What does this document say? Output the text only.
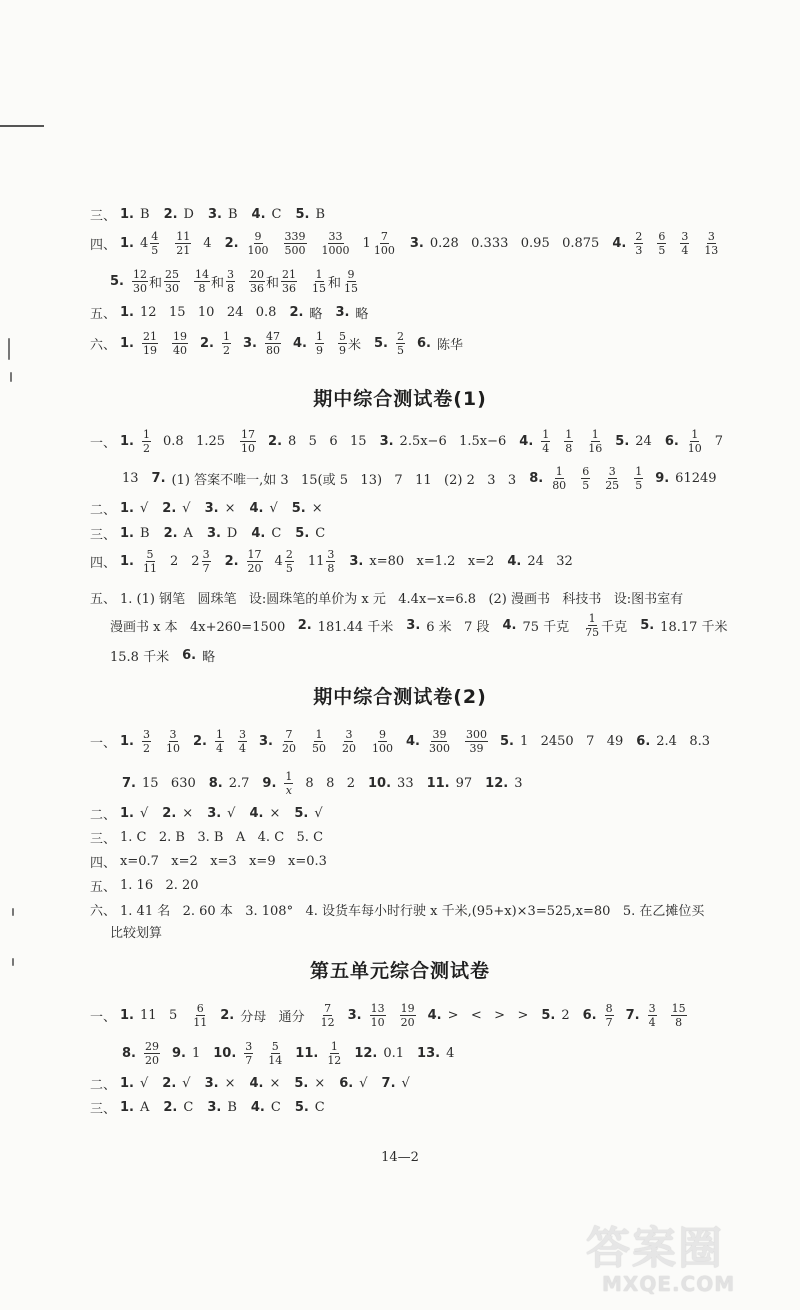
三、 1. B 2. D 3. B 4. C 5. B
四、 1. $4 \frac{4}{5} \frac{11}{21} 4$ 2. $\frac{9}{100} \frac{339}{500} \frac{33}{1000} 1 \frac{7}{100} 3$. 0.28   0.333   0.95   0.875 4. $\frac{2}{3} \frac{6}{5} \frac{3}{4} \frac{3}{13}$
5. $\frac{12}{30}$ 和 $\frac{25}{30} \frac{14}{8}$ 和 $\frac{3}{8} \frac{20}{36}$ 和 $\frac{21}{36} \frac{1}{15}$ 和 $\frac{9}{15}$
五、 1. 12   15   10   24   0.8 2. 略 3. 略
六、 1. $\frac{21}{19} \frac{19}{40} 2$. $\frac{1}{2} 3$. $\frac{47}{80} 4$. $\frac{1}{9} \frac{5}{9}$ 米 5. $\frac{2}{5} 6$. 陈华
期中综合测试卷(1)
一、 1. $\frac{1}{2} 0.8$   $1.25 \frac{17}{10} 2$. 8   5   6   15 3. 2.5x−6   1.5x−6 4. $\frac{1}{4} \frac{1}{8} \frac{1}{16} 5$. 24 6. $\frac{1}{10} 7$
13 7. (1) 答案不唯一,如 3   15(或 5   13)   7   11   (2) 2   3   3 8. $\frac{1}{80} \frac{6}{5} \frac{3}{25} \frac{1}{5} 9$. 61249
二、 1. √ 2. √ 3. × 4. √ 5. ×
三、 1. B 2. A 3. D 4. C 5. C
四、 1. $\frac{5}{11} 2$ $2 \frac{3}{7} 2$. $\frac{17}{20} 4 \frac{2}{5} 11 \frac{3}{8} 3$. x=80   x=1.2   x=2 4. 24   32
五、 1. (1) 钢笔   圆珠笔   设:圆珠笔的单价为 x 元   4.4x−x=6.8   (2) 漫画书   科技书   设:图书室有
漫画书 x 本   4x+260=1500 2. 181.44 千米 3. 6 米   7 段 4. 75 千克 $\frac{1}{75}$ 千克 5. 18.17 千米
15.8 千米 6. 略
期中综合测试卷(2)
一、 1. $\frac{3}{2} \frac{3}{10} 2$. $\frac{1}{4} \frac{3}{4} 3$. $\frac{7}{20} \frac{1}{50} \frac{3}{20} \frac{9}{100} 4$. $\frac{39}{300} \frac{300}{39} 5$. 1   2450   7   49 6. 2.4   8.3
7. 15   630 8. 2.7 9. $\frac{1}{x} 8$   8   2 10. 33 11. 97 12. 3
二、 1. √ 2. × 3. √ 4. × 5. √
三、 1. C   2. B   3. B   A   4. C   5. C
四、 x=0.7   x=2   x=3   x=9   x=0.3
五、 1. 16   2. 20
六、 1. 41 名   2. 60 本   3. 108°   4. 设货车每小时行驶 x 千米,(95+x)×3=525,x=80   5. 在乙摊位买
比较划算
第五单元综合测试卷
一、 1. 11   $5 \frac{6}{11} 2$. 分母   通分 $\frac{7}{12} 3$. $\frac{13}{10} \frac{19}{20} 4$. >   <   >   > 5. 2 6. $\frac{8}{7} 7$. $\frac{3}{4} \frac{15}{8}$
8. $\frac{29}{20} 9$. 1 10. $\frac{3}{7} \frac{5}{14} 11$. $\frac{1}{12} 12$. 0.1 13. 4
二、 1. √ 2. √ 3. × 4. × 5. × 6. √ 7. √
三、 1. A 2. C 3. B 4. C 5. C
14—2
答案圈
MXQE.COM
